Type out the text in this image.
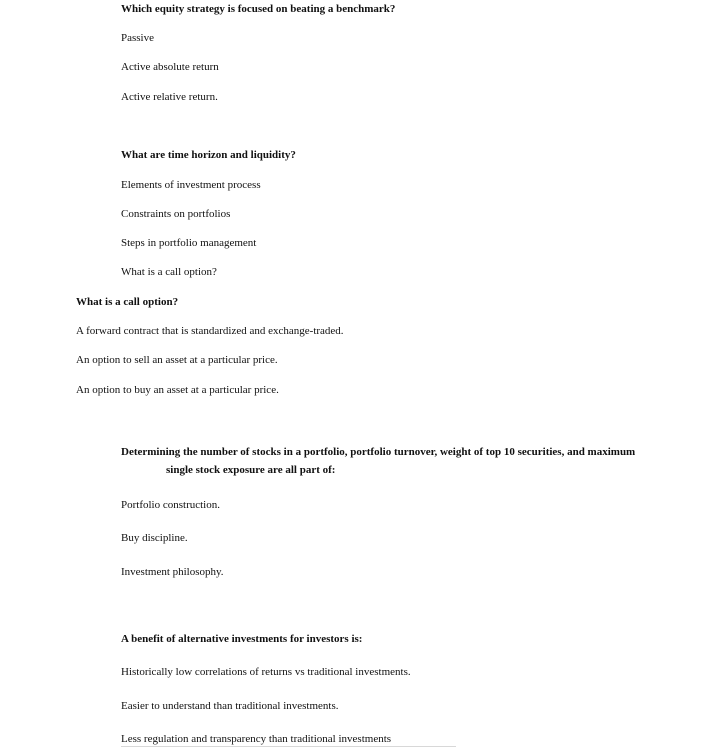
Which equity strategy is focused on beating a benchmark?
Passive
Active absolute return
Active relative return.
What are time horizon and liquidity?
Elements of investment process
Constraints on portfolios
Steps in portfolio management
What is a call option?
What is a call option?
A forward contract that is standardized and exchange-traded.
An option to sell an asset at a particular price.
An option to buy an asset at a particular price.
Determining the number of stocks in a portfolio, portfolio turnover, weight of top 10 securities, and maximum
single stock exposure are all part of:
Portfolio construction.
Buy discipline.
Investment philosophy.
A benefit of alternative investments for investors is:
Historically low correlations of returns vs traditional investments.
Easier to understand than traditional investments.
Less regulation and transparency than traditional investments
